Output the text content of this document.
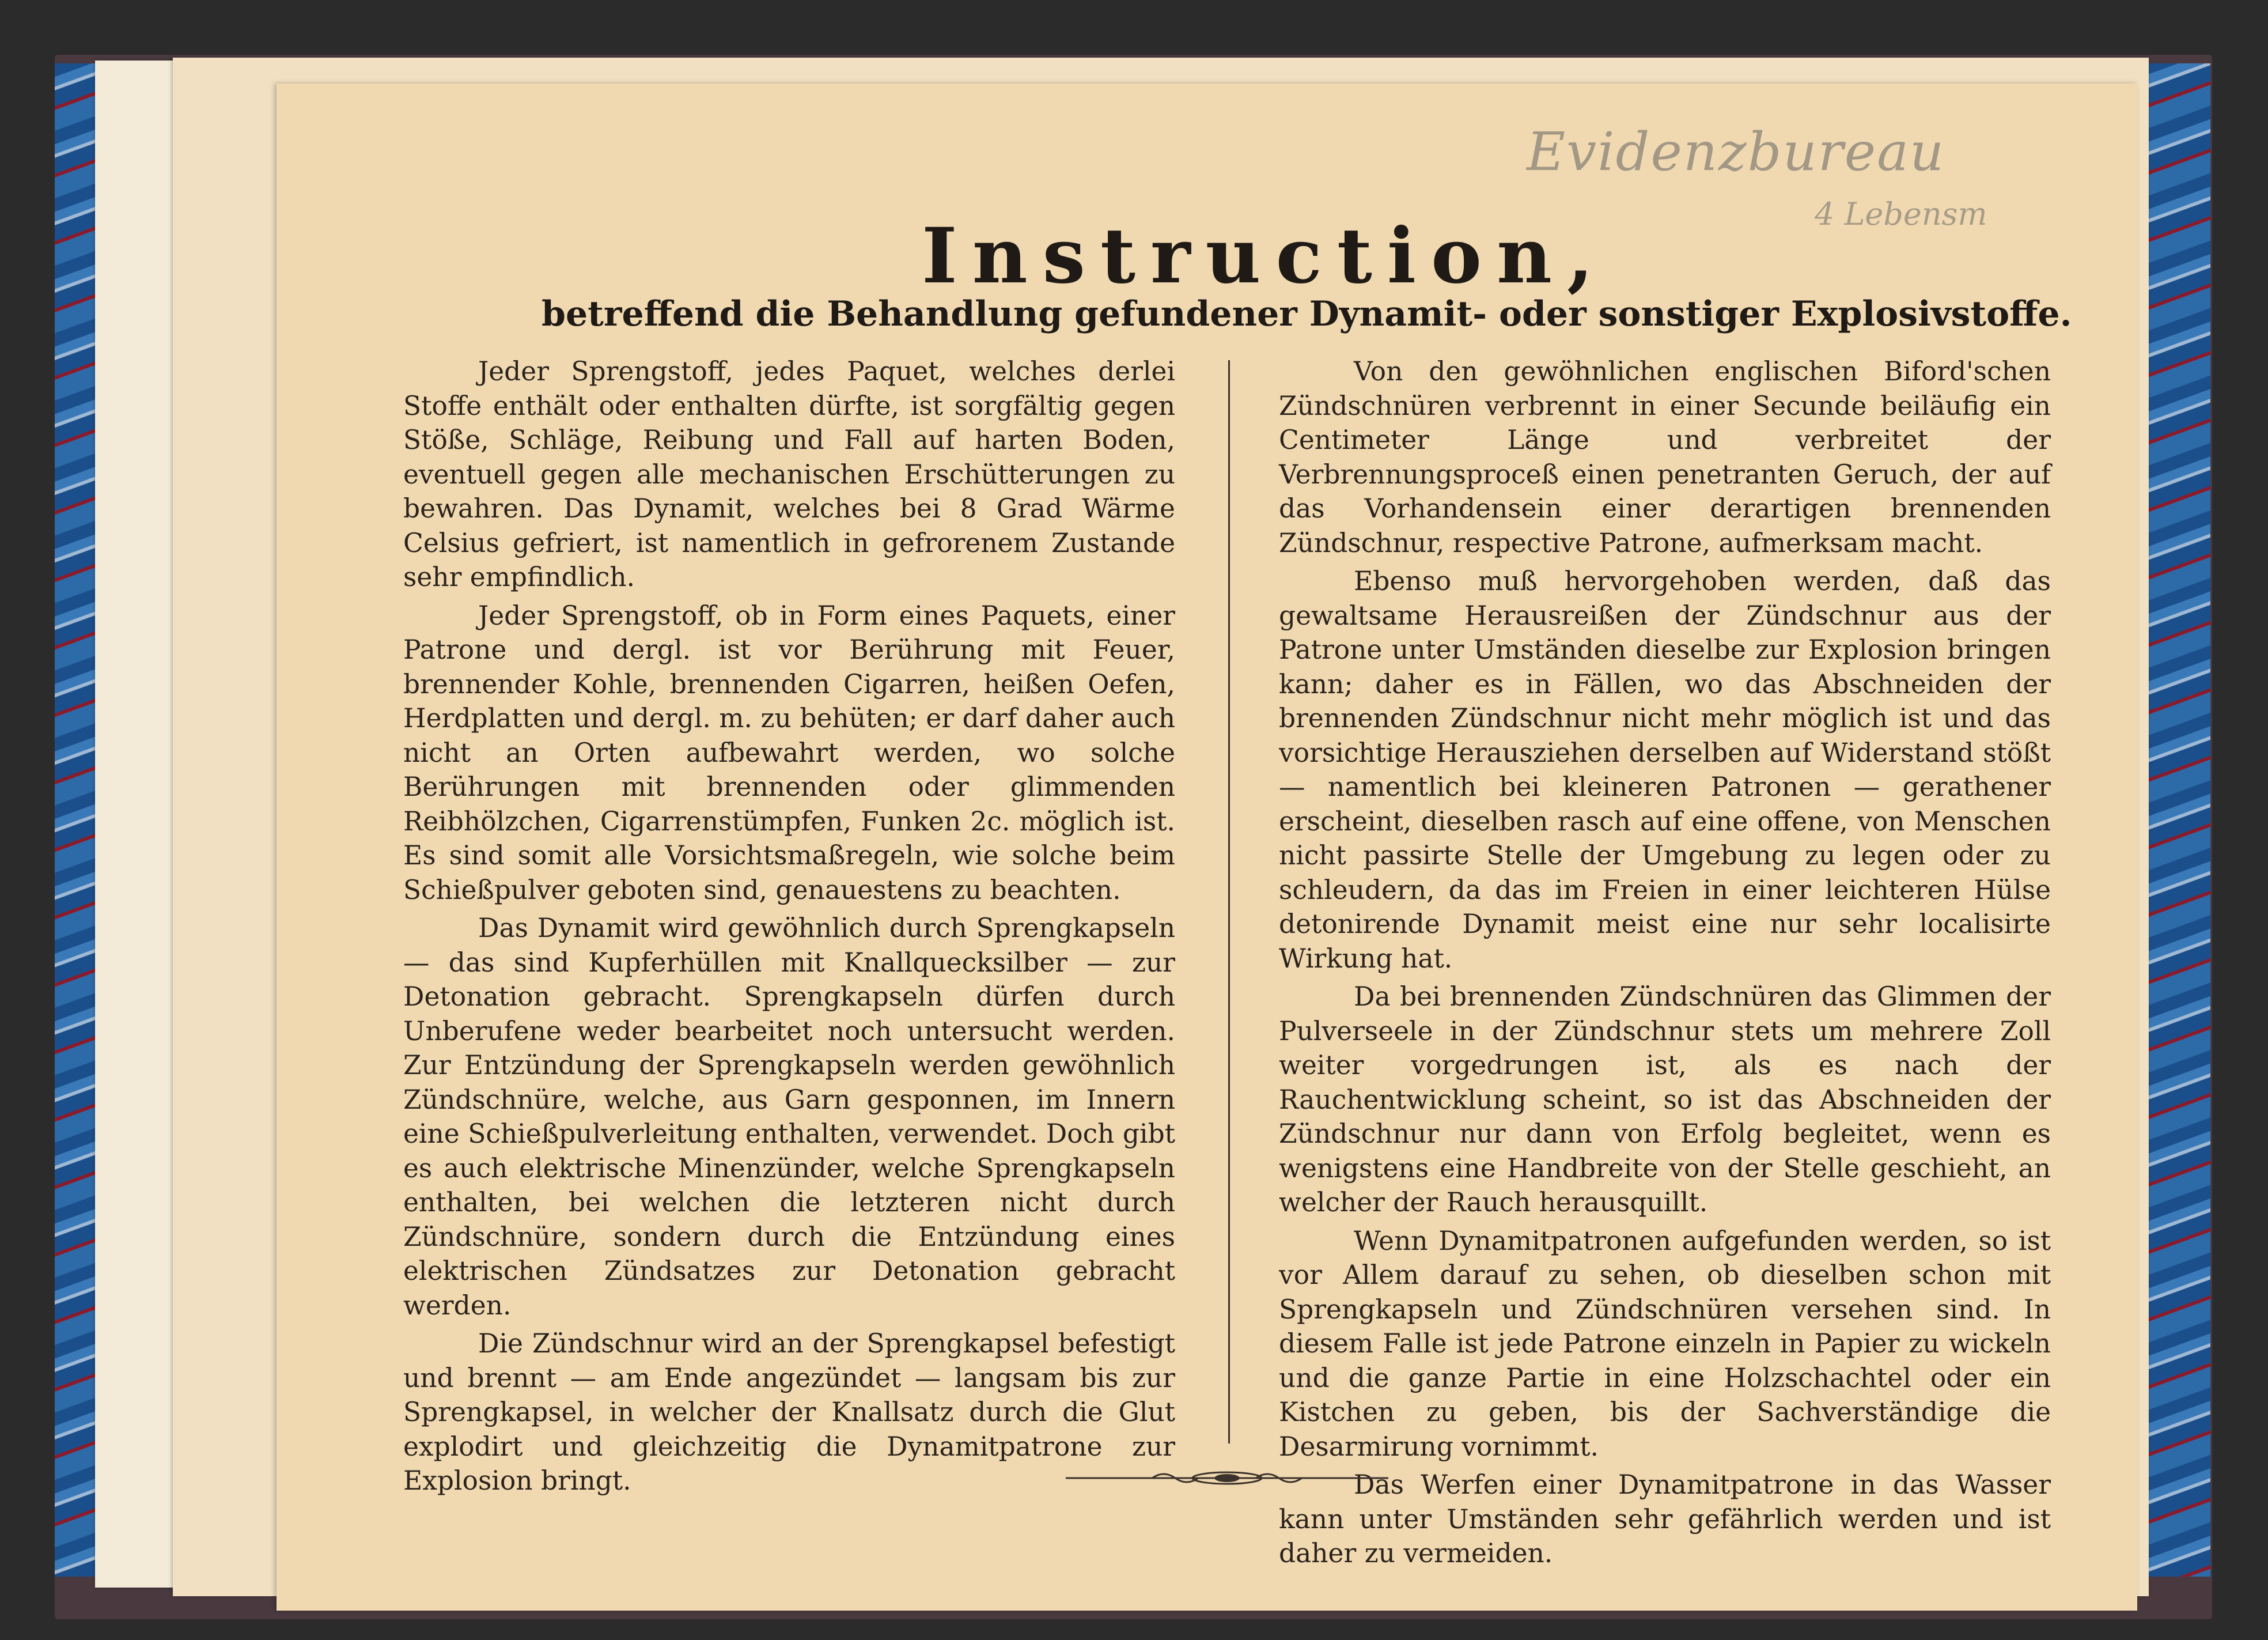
Evidenzbureau
4 Lebensm
Instruction,
betreffend die Behandlung gefundener Dynamit- oder sonstiger Explosivstoffe.

Jeder Sprengstoff, jedes Paquet, welches derlei Stoffe enthält oder enthalten dürfte, ist sorgfältig gegen Stöße, Schläge, Reibung und Fall auf harten Boden, eventuell gegen alle mechanischen Erschütterungen zu bewahren. Das Dynamit, welches bei 8 Grad Wärme Celsius gefriert, ist namentlich in gefrorenem Zustande sehr empfindlich.

Jeder Sprengstoff, ob in Form eines Paquets, einer Patrone und dergl. ist vor Berührung mit Feuer, brennender Kohle, brennenden Cigarren, heißen Oefen, Herdplatten und dergl. m. zu behüten; er darf daher auch nicht an Orten aufbewahrt werden, wo solche Berührungen mit brennenden oder glimmenden Reibhölzchen, Cigarrenstümpfen, Funken 2c. möglich ist. Es sind somit alle Vorsichtsmaßregeln, wie solche beim Schießpulver geboten sind, genauestens zu beachten.

Das Dynamit wird gewöhnlich durch Sprengkapseln — das sind Kupferhüllen mit Knallquecksilber — zur Detonation gebracht. Sprengkapseln dürfen durch Unberufene weder bearbeitet noch untersucht werden. Zur Entzündung der Sprengkapseln werden gewöhnlich Zündschnüre, welche, aus Garn gesponnen, im Innern eine Schießpulverleitung enthalten, verwendet. Doch gibt es auch elektrische Minenzünder, welche Sprengkapseln enthalten, bei welchen die letzteren nicht durch Zündschnüre, sondern durch die Entzündung eines elektrischen Zündsatzes zur Detonation gebracht werden.

Die Zündschnur wird an der Sprengkapsel befestigt und brennt — am Ende angezündet — langsam bis zur Sprengkapsel, in welcher der Knallsatz durch die Glut explodirt und gleichzeitig die Dynamitpatrone zur Explosion bringt.

Von den gewöhnlichen englischen Biford'schen Zündschnüren verbrennt in einer Secunde beiläufig ein Centimeter Länge und verbreitet der Verbrennungsproceß einen penetranten Geruch, der auf das Vorhandensein einer derartigen brennenden Zündschnur, respective Patrone, aufmerksam macht.

Ebenso muß hervorgehoben werden, daß das gewaltsame Herausreißen der Zündschnur aus der Patrone unter Umständen dieselbe zur Explosion bringen kann; daher es in Fällen, wo das Abschneiden der brennenden Zündschnur nicht mehr möglich ist und das vorsichtige Herausziehen derselben auf Widerstand stößt — namentlich bei kleineren Patronen — gerathener erscheint, dieselben rasch auf eine offene, von Menschen nicht passirte Stelle der Umgebung zu legen oder zu schleudern, da das im Freien in einer leichteren Hülse detonirende Dynamit meist eine nur sehr localisirte Wirkung hat.

Da bei brennenden Zündschnüren das Glimmen der Pulverseele in der Zündschnur stets um mehrere Zoll weiter vorgedrungen ist, als es nach der Rauchentwicklung scheint, so ist das Abschneiden der Zündschnur nur dann von Erfolg begleitet, wenn es wenigstens eine Handbreite von der Stelle geschieht, an welcher der Rauch herausquillt.

Wenn Dynamitpatronen aufgefunden werden, so ist vor Allem darauf zu sehen, ob dieselben schon mit Sprengkapseln und Zündschnüren versehen sind. In diesem Falle ist jede Patrone einzeln in Papier zu wickeln und die ganze Partie in eine Holzschachtel oder ein Kistchen zu geben, bis der Sachverständige die Desarmirung vornimmt.

Das Werfen einer Dynamitpatrone in das Wasser kann unter Umständen sehr gefährlich werden und ist daher zu vermeiden.
